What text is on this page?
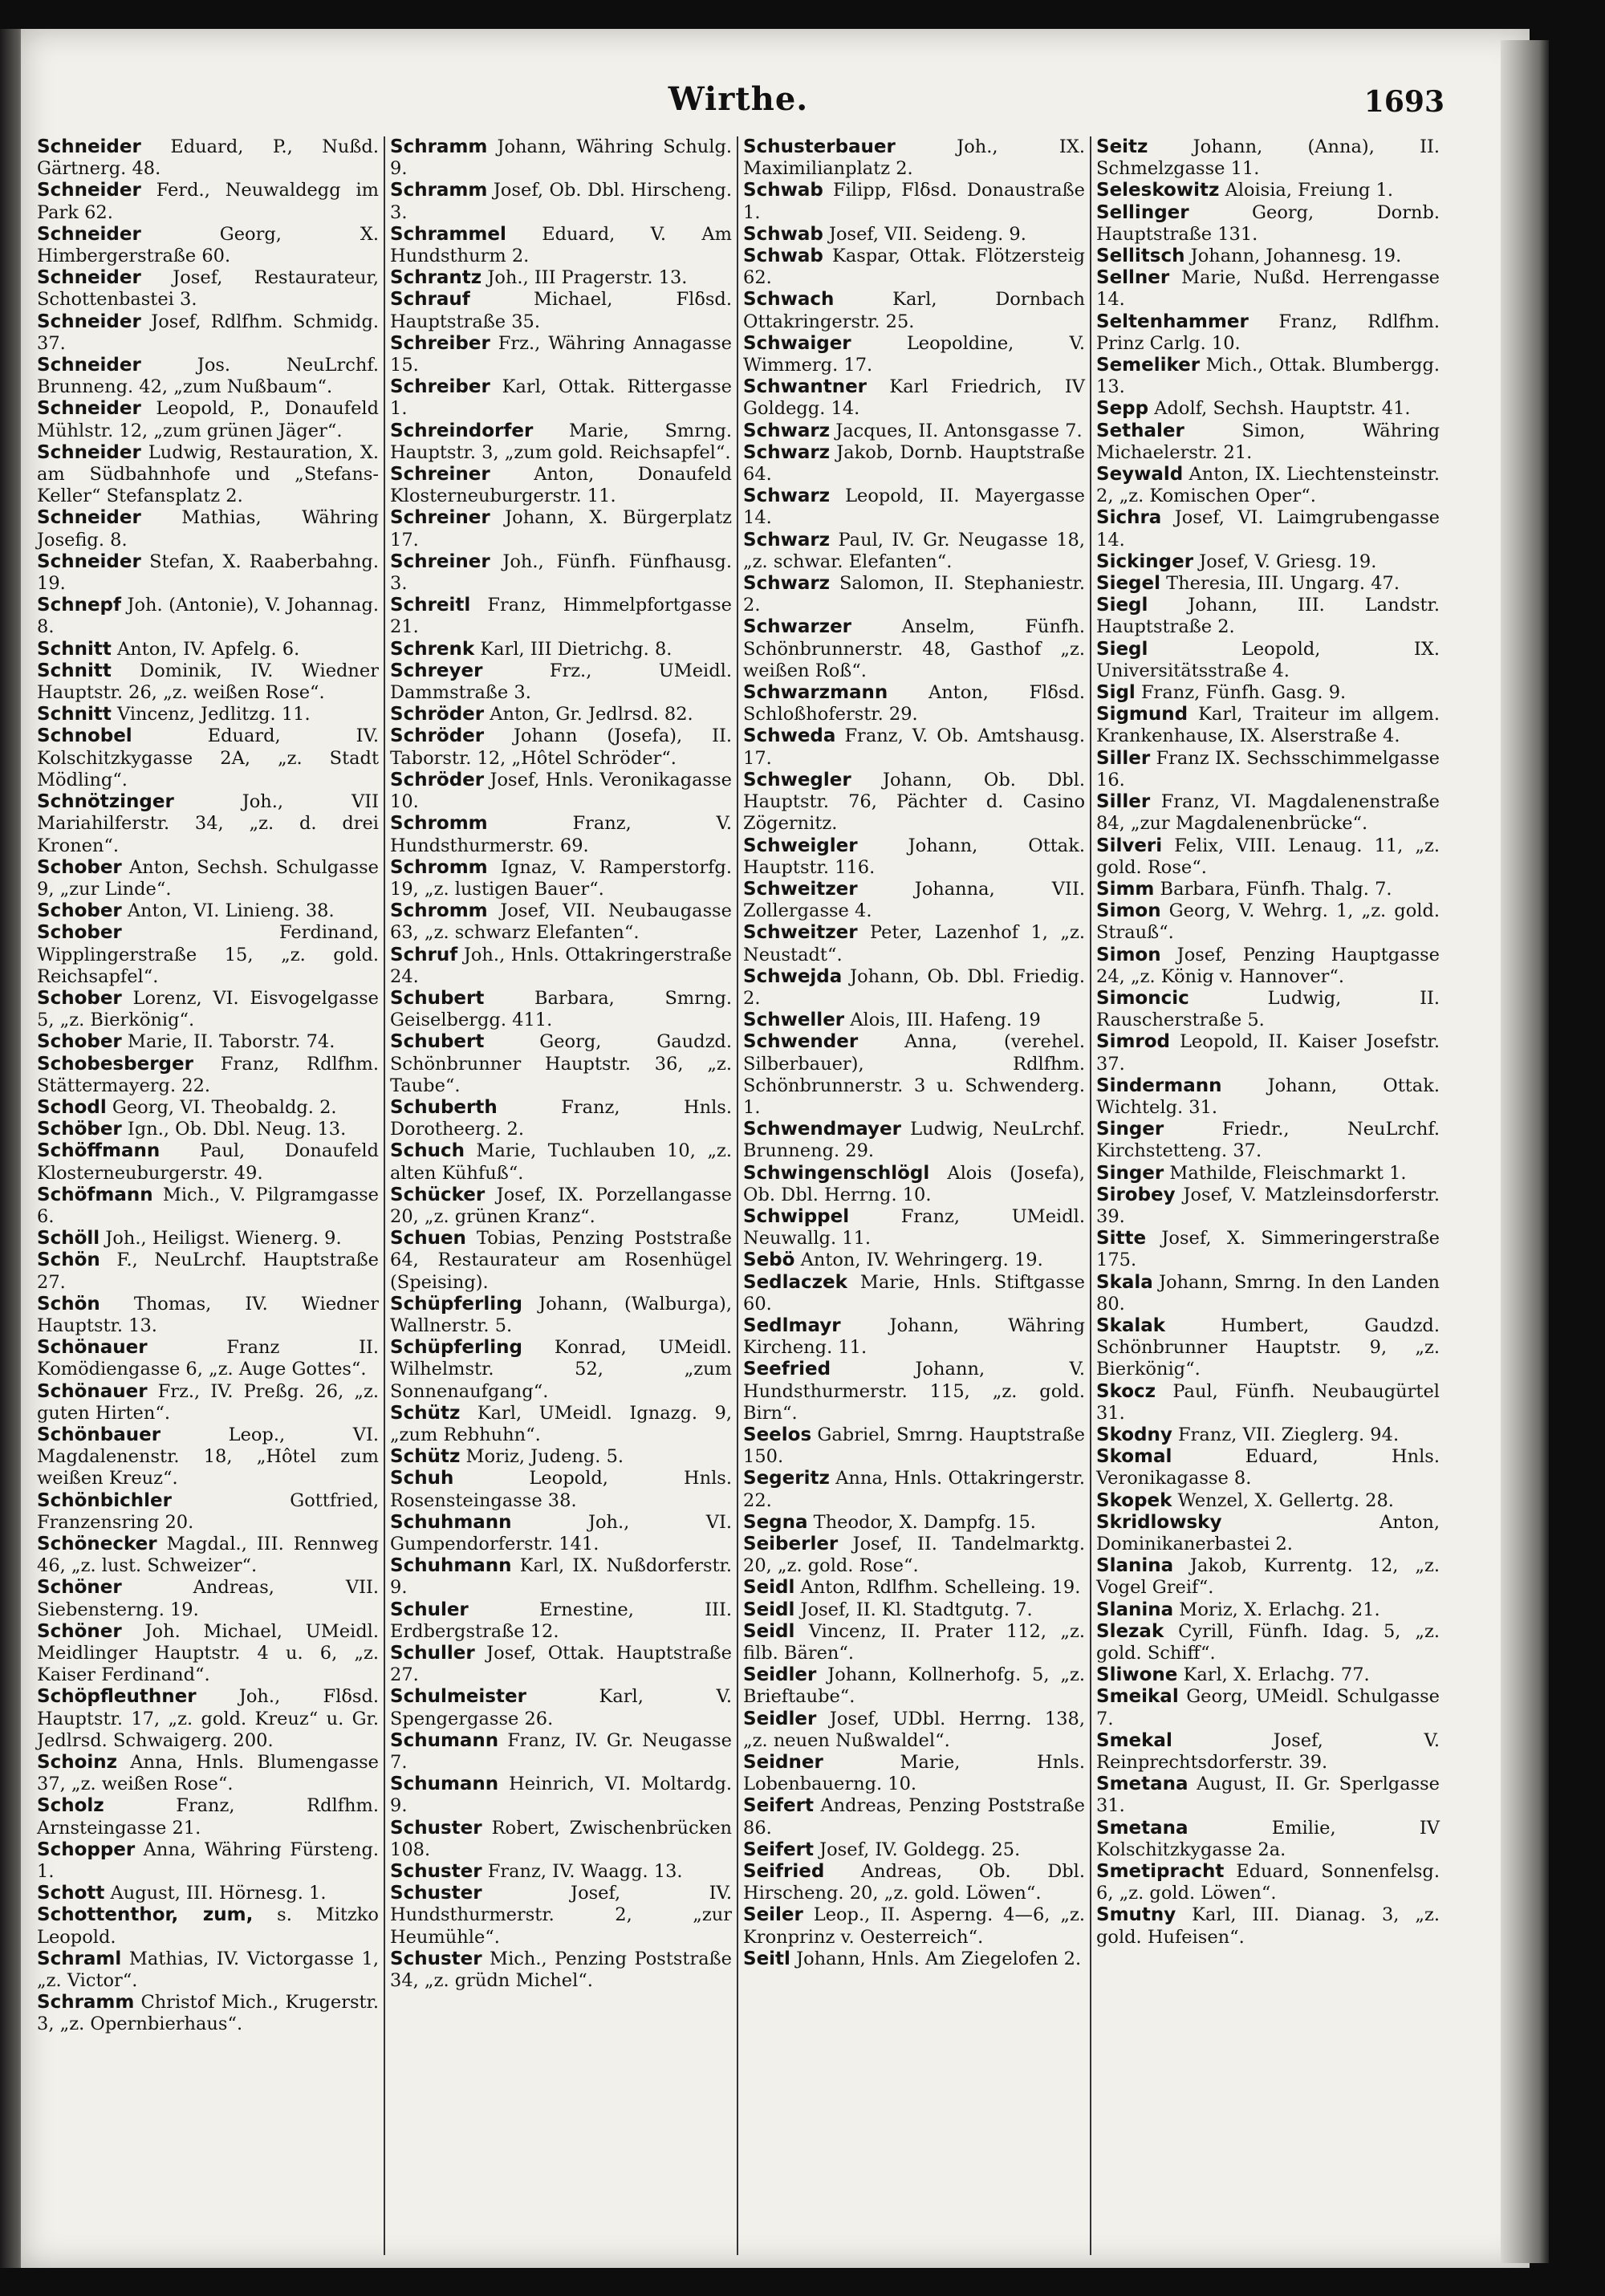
Wirthe.	1693

Schneider Eduard, P., Nußd. Gärtnerg. 48.

Schneider Ferd., Neuwaldegg im Park 62.

Schneider Georg, X. Himbergerstraße 60.

Schneider Josef, Restaurateur, Schottenbastei 3.

Schneider Josef, Rdlfhm. Schmidg. 37.

Schneider Jos. NeuLrchf. Brunneng. 42, „zum Nußbaum“.

Schneider Leopold, P., Donaufeld Mühlstr. 12, „zum grünen Jäger“.

Schneider Ludwig, Restauration, X. am Südbahnhofe und „Stefans-Keller“ Stefansplatz 2.

Schneider Mathias, Währing Josefig. 8.

Schneider Stefan, X. Raaberbahng. 19.

Schnepf Joh. (Antonie), V. Johannag. 8.

Schnitt Anton, IV. Apfelg. 6.

Schnitt Dominik, IV. Wiedner Hauptstr. 26, „z. weißen Rose“.

Schnitt Vincenz, Jedlitzg. 11.

Schnobel Eduard, IV. Kolschitzkygasse 2A, „z. Stadt Mödling“.

Schnötzinger Joh., VII Mariahilferstr. 34, „z. d. drei Kronen“.

Schober Anton, Sechsh. Schulgasse 9, „zur Linde“.

Schober Anton, VI. Linieng. 38.

Schober Ferdinand, Wipplingerstraße 15, „z. gold. Reichsapfel“.

Schober Lorenz, VI. Eisvogelgasse 5, „z. Bierkönig“.

Schober Marie, II. Taborstr. 74.

Schobesberger Franz, Rdlfhm. Stättermayerg. 22.

Schodl Georg, VI. Theobaldg. 2.

Schöber Ign., Ob. Dbl. Neug. 13.

Schöffmann Paul, Donaufeld Klosterneuburgerstr. 49.

Schöfmann Mich., V. Pilgramgasse 6.

Schöll Joh., Heiligst. Wienerg. 9.

Schön F., NeuLrchf. Hauptstraße 27.

Schön Thomas, IV. Wiedner Hauptstr. 13.

Schönauer Franz II. Komödiengasse 6, „z. Auge Gottes“.

Schönauer Frz., IV. Preßg. 26, „z. guten Hirten“.

Schönbauer Leop., VI. Magdalenenstr. 18, „Hôtel zum weißen Kreuz“.

Schönbichler Gottfried, Franzensring 20.

Schönecker Magdal., III. Rennweg 46, „z. lust. Schweizer“.

Schöner Andreas, VII. Siebensterng. 19.

Schöner Joh. Michael, UMeidl. Meidlinger Hauptstr. 4 u. 6, „z. Kaiser Ferdinand“.

Schöpfleuthner Joh., Flδsd. Hauptstr. 17, „z. gold. Kreuz“ u. Gr. Jedlrsd. Schwaigerg. 200.

Schoinz Anna, Hnls. Blumengasse 37, „z. weißen Rose“.

Scholz Franz, Rdlfhm. Arnsteingasse 21.

Schopper Anna, Währing Fürsteng. 1.

Schott August, III. Hörnesg. 1.

Schottenthor, zum, s. Mitzko Leopold.

Schraml Mathias, IV. Victorgasse 1, „z. Victor“.

Schramm Christof Mich., Krugerstr. 3, „z. Opernbierhaus“.

Schramm Johann, Währing Schulg. 9.

Schramm Josef, Ob. Dbl. Hirscheng. 3.

Schrammel Eduard, V. Am Hundsthurm 2.

Schrantz Joh., III Pragerstr. 13.

Schrauf Michael, Flδsd. Hauptstraße 35.

Schreiber Frz., Währing Annagasse 15.

Schreiber Karl, Ottak. Rittergasse 1.

Schreindorfer Marie, Smrng. Hauptstr. 3, „zum gold. Reichsapfel“.

Schreiner Anton, Donaufeld Klosterneuburgerstr. 11.

Schreiner Johann, X. Bürgerplatz 17.

Schreiner Joh., Fünfh. Fünfhausg. 3.

Schreitl Franz, Himmelpfortgasse 21.

Schrenk Karl, III Dietrichg. 8.

Schreyer Frz., UMeidl. Dammstraße 3.

Schröder Anton, Gr. Jedlrsd. 82.

Schröder Johann (Josefa), II. Taborstr. 12, „Hôtel Schröder“.

Schröder Josef, Hnls. Veronikagasse 10.

Schromm Franz, V. Hundsthurmerstr. 69.

Schromm Ignaz, V. Ramperstorfg. 19, „z. lustigen Bauer“.

Schromm Josef, VII. Neubaugasse 63, „z. schwarz Elefanten“.

Schruf Joh., Hnls. Ottakringerstraße 24.

Schubert Barbara, Smrng. Geiselbergg. 411.

Schubert Georg, Gaudzd. Schönbrunner Hauptstr. 36, „z. Taube“.

Schuberth Franz, Hnls. Dorotheerg. 2.

Schuch Marie, Tuchlauben 10, „z. alten Kühfuß“.

Schücker Josef, IX. Porzellangasse 20, „z. grünen Kranz“.

Schuen Tobias, Penzing Poststraße 64, Restaurateur am Rosenhügel (Speising).

Schüpferling Johann, (Walburga), Wallnerstr. 5.

Schüpferling Konrad, UMeidl. Wilhelmstr. 52, „zum Sonnenaufgang“.

Schütz Karl, UMeidl. Ignazg. 9, „zum Rebhuhn“.

Schütz Moriz, Judeng. 5.

Schuh Leopold, Hnls. Rosensteingasse 38.

Schuhmann Joh., VI. Gumpendorferstr. 141.

Schuhmann Karl, IX. Nußdorferstr. 9.

Schuler Ernestine, III. Erdbergstraße 12.

Schuller Josef, Ottak. Hauptstraße 27.

Schulmeister Karl, V. Spengergasse 26.

Schumann Franz, IV. Gr. Neugasse 7.

Schumann Heinrich, VI. Moltardg. 9.

Schuster Robert, Zwischenbrücken 108.

Schuster Franz, IV. Waagg. 13.

Schuster Josef, IV. Hundsthurmerstr. 2, „zur Heumühle“.

Schuster Mich., Penzing Poststraße 34, „z. grüdn Michel“.

Schusterbauer Joh., IX. Maximilianplatz 2.

Schwab Filipp, Flδsd. Donaustraße 1.

Schwab Josef, VII. Seideng. 9.

Schwab Kaspar, Ottak. Flötzersteig 62.

Schwach Karl, Dornbach Ottakringerstr. 25.

Schwaiger Leopoldine, V. Wimmerg. 17.

Schwantner Karl Friedrich, IV Goldegg. 14.

Schwarz Jacques, II. Antonsgasse 7.

Schwarz Jakob, Dornb. Hauptstraße 64.

Schwarz Leopold, II. Mayergasse 14.

Schwarz Paul, IV. Gr. Neugasse 18, „z. schwar. Elefanten“.

Schwarz Salomon, II. Stephaniestr. 2.

Schwarzer Anselm, Fünfh. Schönbrunnerstr. 48, Gasthof „z. weißen Roß“.

Schwarzmann Anton, Flδsd. Schloßhoferstr. 29.

Schweda Franz, V. Ob. Amtshausg. 17.

Schwegler Johann, Ob. Dbl. Hauptstr. 76, Pächter d. Casino Zögernitz.

Schweigler Johann, Ottak. Hauptstr. 116.

Schweitzer Johanna, VII. Zollergasse 4.

Schweitzer Peter, Lazenhof 1, „z. Neustadt“.

Schwejda Johann, Ob. Dbl. Friedig. 2.

Schweller Alois, III. Hafeng. 19

Schwender Anna, (verehel. Silberbauer), Rdlfhm. Schönbrunnerstr. 3 u. Schwenderg. 1.

Schwendmayer Ludwig, NeuLrchf. Brunneng. 29.

Schwingenschlögl Alois (Josefa), Ob. Dbl. Herrng. 10.

Schwippel Franz, UMeidl. Neuwallg. 11.

Sebö Anton, IV. Wehringerg. 19.

Sedlaczek Marie, Hnls. Stiftgasse 60.

Sedlmayr Johann, Währing Kircheng. 11.

Seefried Johann, V. Hundsthurmerstr. 115, „z. gold. Birn“.

Seelos Gabriel, Smrng. Hauptstraße 150.

Segeritz Anna, Hnls. Ottakringerstr. 22.

Segna Theodor, X. Dampfg. 15.

Seiberler Josef, II. Tandelmarktg. 20, „z. gold. Rose“.

Seidl Anton, Rdlfhm. Schelleing. 19.

Seidl Josef, II. Kl. Stadtgutg. 7.

Seidl Vincenz, II. Prater 112, „z. filb. Bären“.

Seidler Johann, Kollnerhofg. 5, „z. Brieftaube“.

Seidler Josef, UDbl. Herrng. 138, „z. neuen Nußwaldel“.

Seidner Marie, Hnls. Lobenbauerng. 10.

Seifert Andreas, Penzing Poststraße 86.

Seifert Josef, IV. Goldegg. 25.

Seifried Andreas, Ob. Dbl. Hirscheng. 20, „z. gold. Löwen“.

Seiler Leop., II. Asperng. 4—6, „z. Kronprinz v. Oesterreich“.

Seitl Johann, Hnls. Am Ziegelofen 2.

Seitz Johann, (Anna), II. Schmelzgasse 11.

Seleskowitz Aloisia, Freiung 1.

Sellinger Georg, Dornb. Hauptstraße 131.

Sellitsch Johann, Johannesg. 19.

Sellner Marie, Nußd. Herrengasse 14.

Seltenhammer Franz, Rdlfhm. Prinz Carlg. 10.

Semeliker Mich., Ottak. Blumbergg. 13.

Sepp Adolf, Sechsh. Hauptstr. 41.

Sethaler Simon, Währing Michaelerstr. 21.

Seywald Anton, IX. Liechtensteinstr. 2, „z. Komischen Oper“.

Sichra Josef, VI. Laimgrubengasse 14.

Sickinger Josef, V. Griesg. 19.

Siegel Theresia, III. Ungarg. 47.

Siegl Johann, III. Landstr. Hauptstraße 2.

Siegl Leopold, IX. Universitätsstraße 4.

Sigl Franz, Fünfh. Gasg. 9.

Sigmund Karl, Traiteur im allgem. Krankenhause, IX. Alserstraße 4.

Siller Franz IX. Sechsschimmelgasse 16.

Siller Franz, VI. Magdalenenstraße 84, „zur Magdalenenbrücke“.

Silveri Felix, VIII. Lenaug. 11, „z. gold. Rose“.

Simm Barbara, Fünfh. Thalg. 7.

Simon Georg, V. Wehrg. 1, „z. gold. Strauß“.

Simon Josef, Penzing Hauptgasse 24, „z. König v. Hannover“.

Simoncic Ludwig, II. Rauscherstraße 5.

Simrod Leopold, II. Kaiser Josefstr. 37.

Sindermann Johann, Ottak. Wichtelg. 31.

Singer Friedr., NeuLrchf. Kirchstetteng. 37.

Singer Mathilde, Fleischmarkt 1.

Sirobey Josef, V. Matzleinsdorferstr. 39.

Sitte Josef, X. Simmeringerstraße 175.

Skala Johann, Smrng. In den Landen 80.

Skalak Humbert, Gaudzd. Schönbrunner Hauptstr. 9, „z. Bierkönig“.

Skocz Paul, Fünfh. Neubaugürtel 31.

Skodny Franz, VII. Zieglerg. 94.

Skomal Eduard, Hnls. Veronikagasse 8.

Skopek Wenzel, X. Gellertg. 28.

Skridlowsky Anton, Dominikanerbastei 2.

Slanina Jakob, Kurrentg. 12, „z. Vogel Greif“.

Slanina Moriz, X. Erlachg. 21.

Slezak Cyrill, Fünfh. Idag. 5, „z. gold. Schiff“.

Sliwone Karl, X. Erlachg. 77.

Smeikal Georg, UMeidl. Schulgasse 7.

Smekal Josef, V. Reinprechtsdorferstr. 39.

Smetana August, II. Gr. Sperlgasse 31.

Smetana Emilie, IV Kolschitzkygasse 2a.

Smetipracht Eduard, Sonnenfelsg. 6, „z. gold. Löwen“.

Smutny Karl, III. Dianag. 3, „z. gold. Hufeisen“.
